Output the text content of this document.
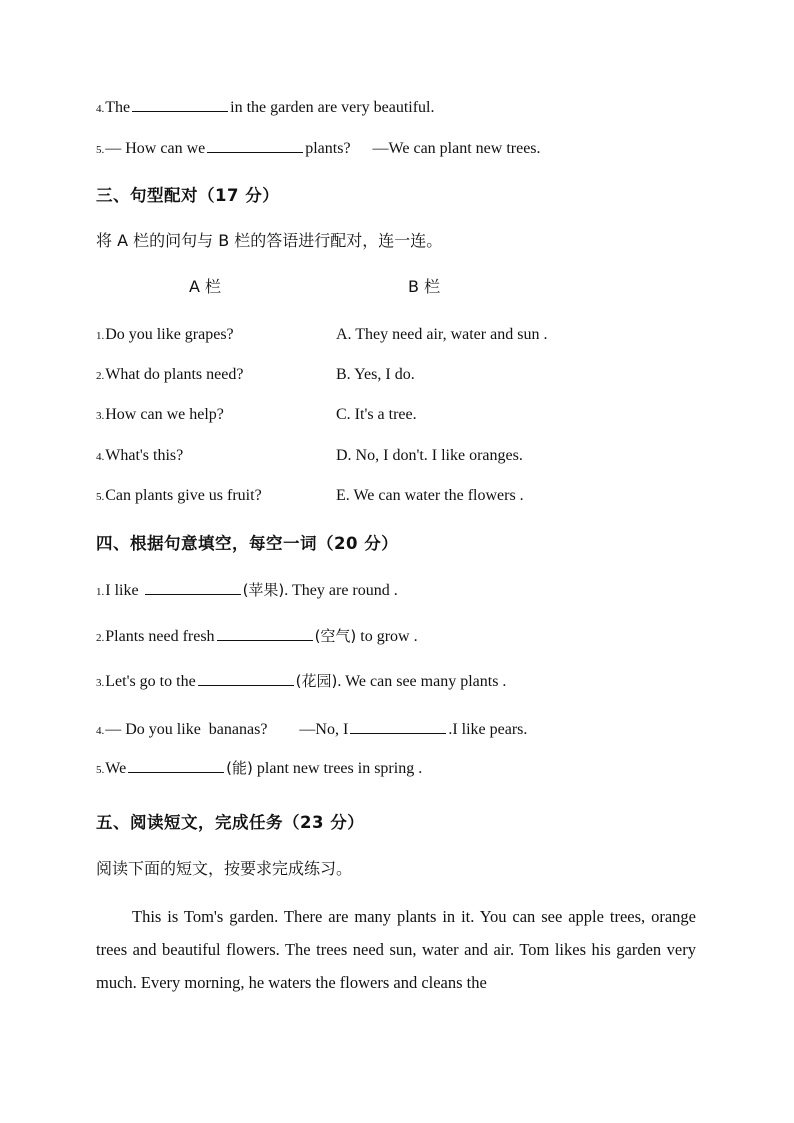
4.The	in the garden are very beautiful.
5.— How can we	plants? —We can plant new trees.
三、句型配对（17 分）
将 A 栏的问句与 B 栏的答语进行配对，连一连。
A 栏	B 栏
1.Do you like grapes?	A. They need air, water and sun .
2.What do plants need?	B. Yes, I do.
3.How can we help?	C. It's a tree.
4.What's this?	D. No, I don't. I like oranges.
5.Can plants give us fruit?	E. We can water the flowers .
四、根据句意填空，每空一词（20 分）
1.I like	(苹果). They are round .
2.Plants need fresh	(空气) to grow .
3.Let's go to the	(花园). We can see many plants .
4.— Do you like  bananas?        —No, I	.I like pears.
5.We	(能) plant new trees in spring .
五、阅读短文，完成任务（23 分）
阅读下面的短文，按要求完成练习。

This is Tom's garden. There are many plants in it. You can see apple trees, orange trees and beautiful flowers. The trees need sun, water and air. Tom likes his garden very much. Every morning, he waters the flowers and cleans the
